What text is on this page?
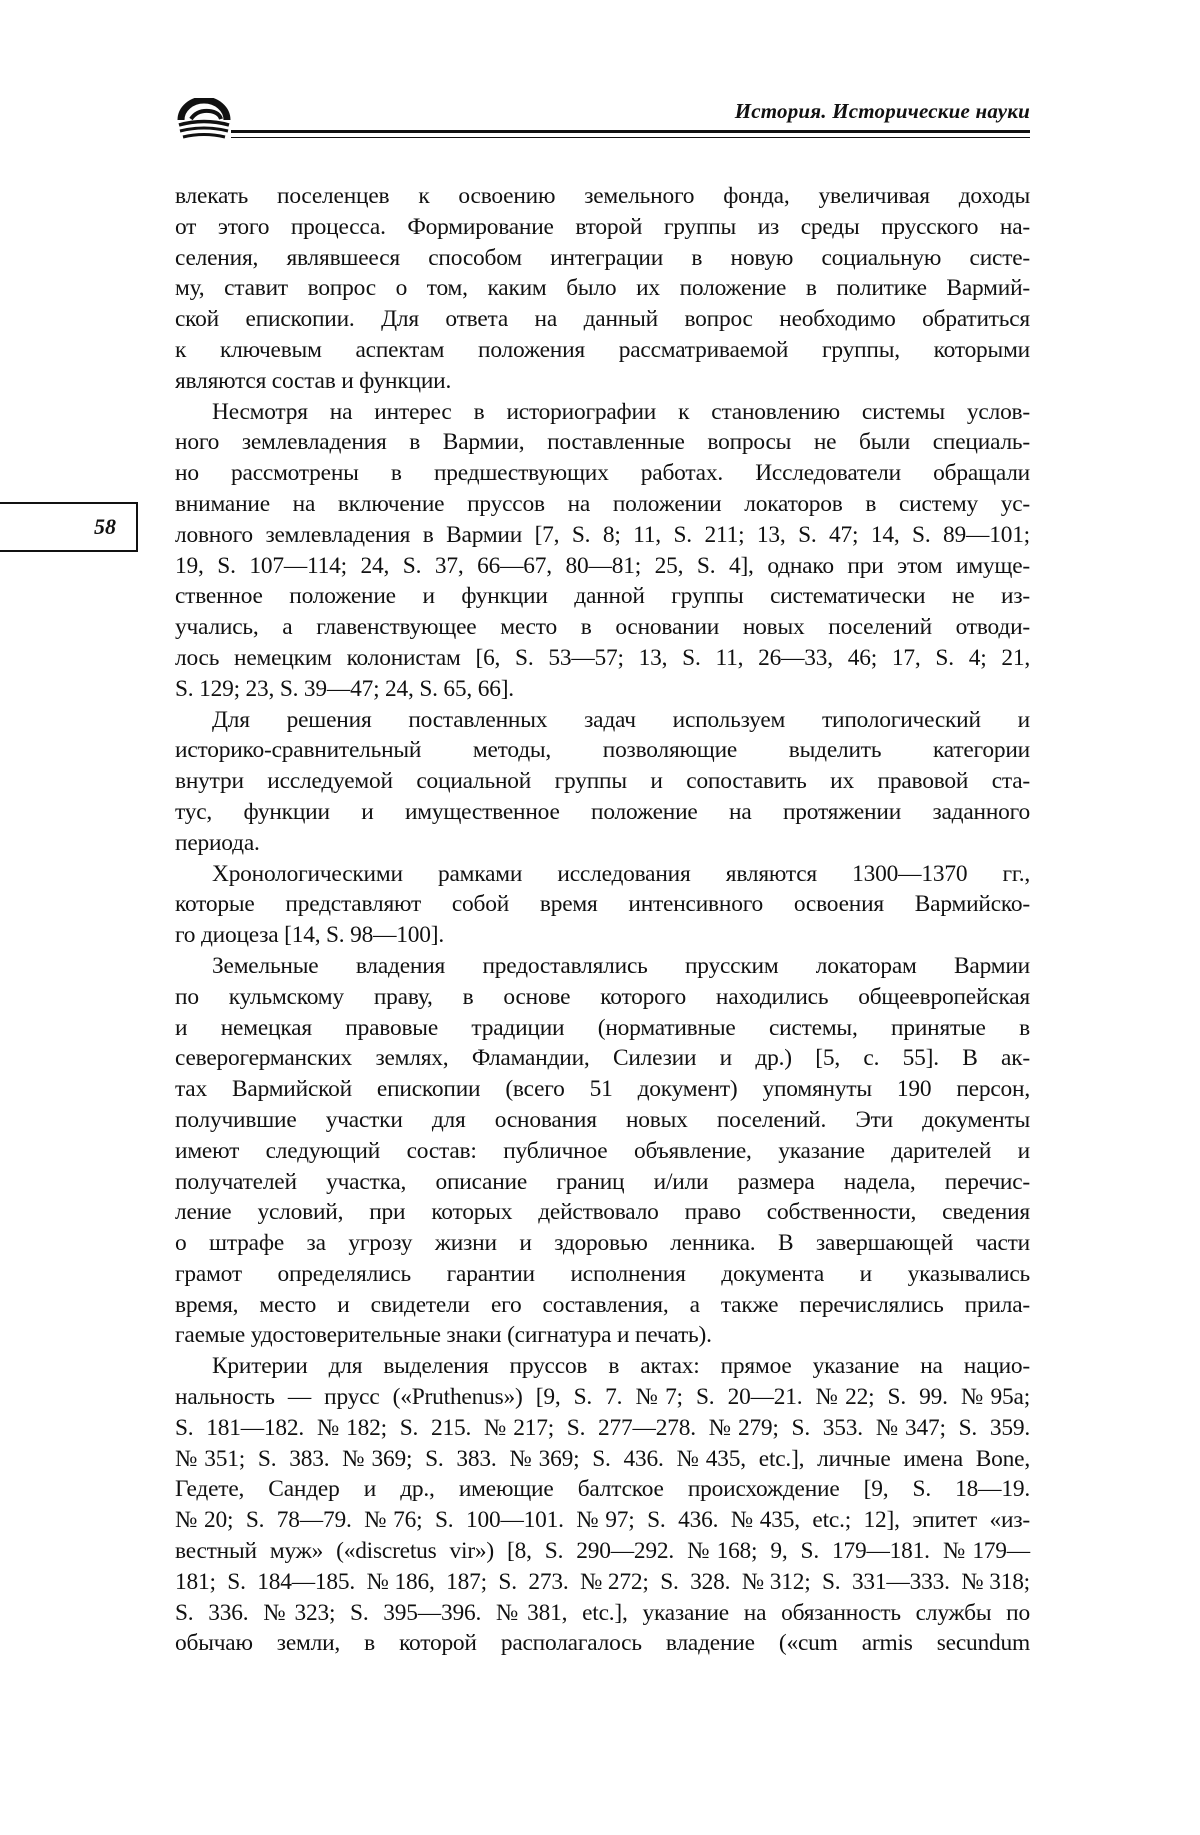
История. Исторические науки
58

влекать поселенцев к освоению земельного фонда, увеличивая доходы

от этого процесса. Формирование второй группы из среды прусского на-

селения, являвшееся способом интеграции в новую социальную систе-

му, ставит вопрос о том, каким было их положение в политике Вармий-

ской епископии. Для ответа на данный вопрос необходимо обратиться

к ключевым аспектам положения рассматриваемой группы, которыми

являются состав и функции.

Несмотря на интерес в историографии к становлению системы услов-

ного землевладения в Вармии, поставленные вопросы не были специаль-

но рассмотрены в предшествующих работах. Исследователи обращали

внимание на включение пруссов на положении локаторов в систему ус-

ловного землевладения в Вармии [7, S. 8; 11, S. 211; 13, S. 47; 14, S. 89—101;

19, S. 107—114; 24, S. 37, 66—67, 80—81; 25, S. 4], однако при этом имуще-

ственное положение и функции данной группы систематически не из-

учались, а главенствующее место в основании новых поселений отводи-

лось немецким колонистам [6, S. 53—57; 13, S. 11, 26—33, 46; 17, S. 4; 21,

S. 129; 23, S. 39—47; 24, S. 65, 66].

Для решения поставленных задач используем типологический и

историко-сравнительный методы, позволяющие выделить категории

внутри исследуемой социальной группы и сопоставить их правовой ста-

тус, функции и имущественное положение на протяжении заданного

периода.

Хронологическими рамками исследования являются 1300—1370 гг.,

которые представляют собой время интенсивного освоения Вармийско-

го диоцеза [14, S. 98—100].

Земельные владения предоставлялись прусским локаторам Вармии

по кульмскому праву, в основе которого находились общеевропейская

и немецкая правовые традиции (нормативные системы, принятые в

северогерманских землях, Фламандии, Силезии и др.) [5, с. 55]. В ак-

тах Вармийской епископии (всего 51 документ) упомянуты 190 персон,

получившие участки для основания новых поселений. Эти документы

имеют следующий состав: публичное объявление, указание дарителей и

получателей участка, описание границ и/или размера надела, перечис-

ление условий, при которых действовало право собственности, сведения

о штрафе за угрозу жизни и здоровью ленника. В завершающей части

грамот определялись гарантии исполнения документа и указывались

время, место и свидетели его составления, а также перечислялись прила-

гаемые удостоверительные знаки (сигнатура и печать).

Критерии для выделения пруссов в актах: прямое указание на нацио-

нальность — прусс («Pruthenus») [9, S. 7. №7; S. 20—21. №22; S. 99. №95a;

S. 181—182. №182; S. 215. №217; S. 277—278. №279; S. 353. №347; S. 359.

№351; S. 383. №369; S. 383. №369; S. 436. №435, etc.], личные имена Bone,

Гедете, Сандер и др., имеющие балтское происхождение [9, S. 18—19.

№20; S. 78—79. №76; S. 100—101. №97; S. 436. №435, etc.; 12], эпитет «из-

вестный муж» («discretus vir») [8, S. 290—292. №168; 9, S. 179—181. №179—

181; S. 184—185. №186, 187; S. 273. №272; S. 328. №312; S. 331—333. №318;

S. 336. №323; S. 395—396. №381, etc.], указание на обязанность службы по

обычаю земли, в которой располагалось владение («cum armis secundum
